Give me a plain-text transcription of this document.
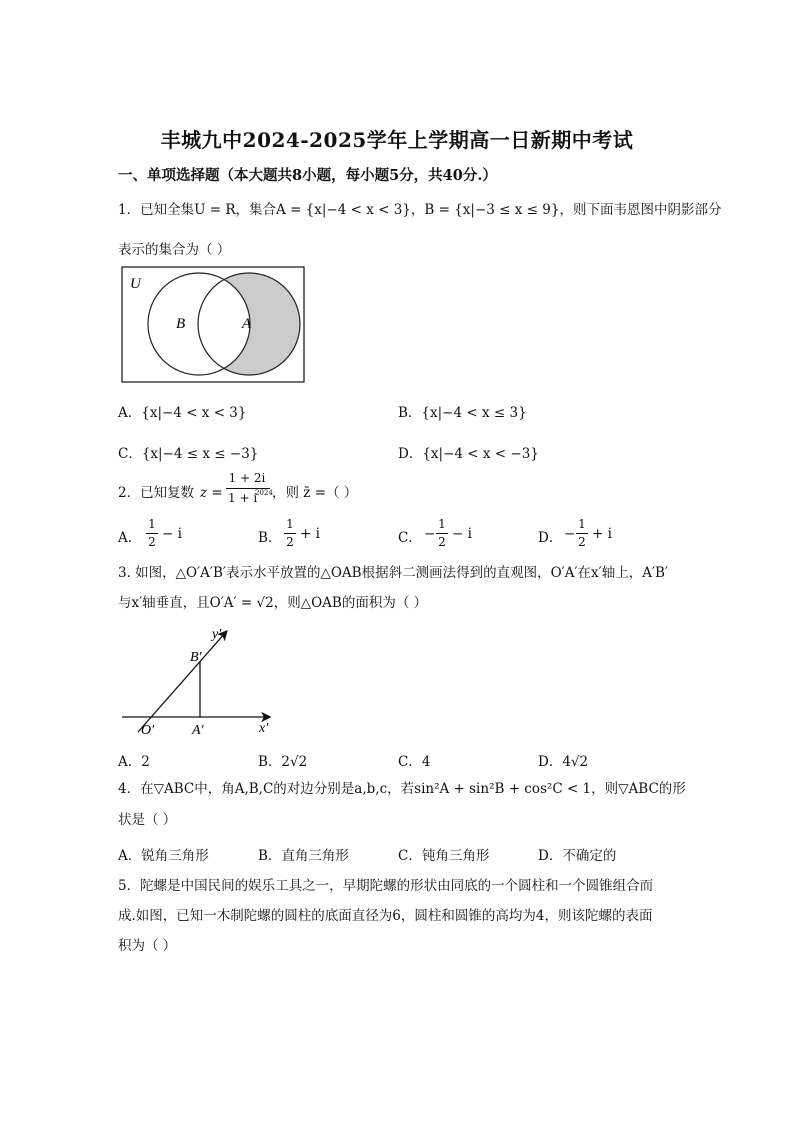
丰城九中2024-2025学年上学期高一日新期中考试
一、单项选择题（本大题共8小题，每小题5分，共40分.）
1．已知全集U = R，集合A = {x|−4 < x < 3}，B = {x|−3 ≤ x ≤ 9}，则下面韦恩图中阴影部分
表示的集合为（ ）
U
B	A
A．{x|−4 < x < 3}	B．{x|−4 < x ≤ 3}
C．{x|−4 ≤ x ≤ −3}	D．{x|−4 < x < −3}
2．已知复数 z =
1 + 2i
1 + i
2024 ，则 z̄ =（ ）
A．
1
2 − i	B．
1
2 + i	C． −
1
2 − i	D． −
1
2 + i
3. 如图，△O′A′B′表示水平放置的△OAB根据斜二测画法得到的直观图，O′A′在x′轴上，A′B′
与x′轴垂直，且O′A′ = √2，则△OAB的面积为（ ）
y′
B′
O′	A′	x′
A．2	B．2√2	C．4	D．4√2
4．在▽ABC中，角A,B,C的对边分别是a,b,c，若sin²A + sin²B + cos²C < 1，则▽ABC的形
状是（ ）
A．锐角三角形	B．直角三角形	C．钝角三角形	D．不确定的
5．陀螺是中国民间的娱乐工具之一，早期陀螺的形状由同底的一个圆柱和一个圆锥组合而
成.如图，已知一木制陀螺的圆柱的底面直径为6，圆柱和圆锥的高均为4，则该陀螺的表面
积为（ ）
